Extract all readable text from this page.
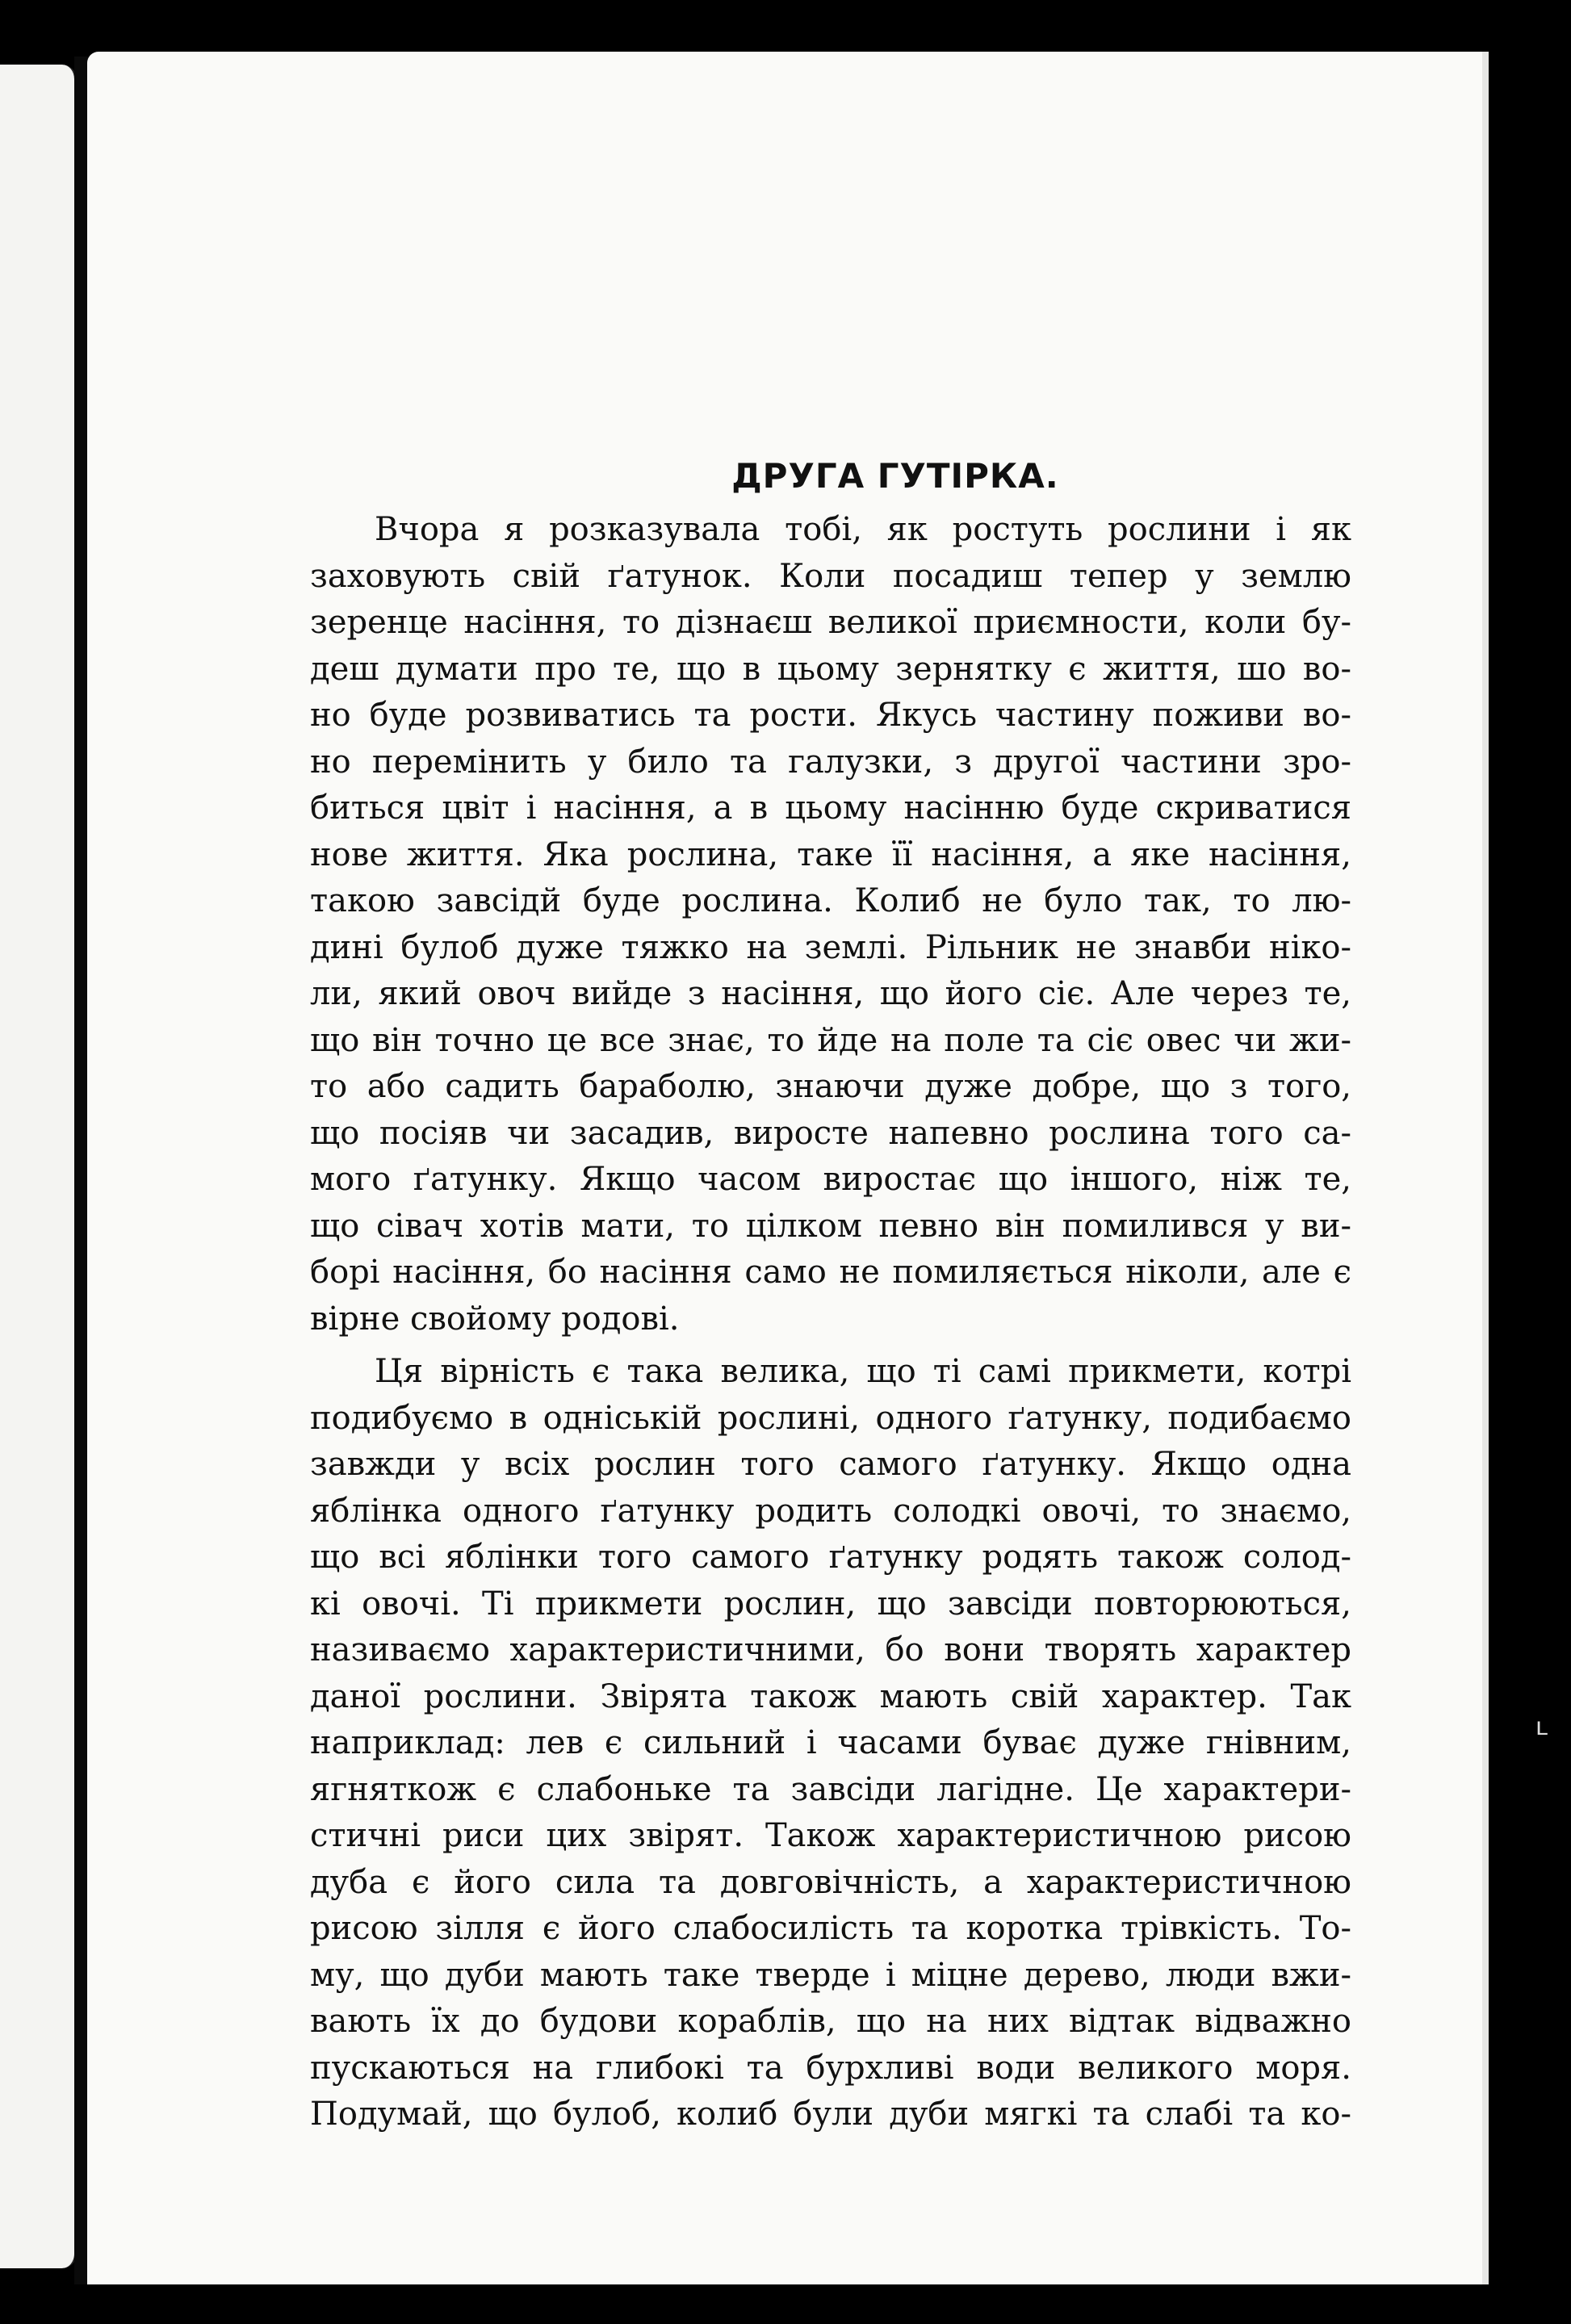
ДРУГА ГУТІРКА.
Вчора я розказувала тобі, як ростуть рослини і як
заховують свій ґатунок. Коли посадиш тепер у землю
зеренце насіння, то дізнаєш великої приємности, коли бу-
деш думати про те, що в цьому зернятку є життя, шо во-
но буде розвиватись та рости. Якусь частину поживи во-
но перемінить у било та галузки, з другої частини зро-
биться цвіт і насіння, а в цьому насінню буде скриватися
нове життя. Яка рослина, таке її насіння, а яке насіння,
такою завсідй буде рослина. Колиб не було так, то лю-
дині булоб дуже тяжко на землі. Рільник не знавби ніко-
ли, який овоч вийде з насіння, що його сіє. Але через те,
що він точно це все знає, то йде на поле та сіє овес чи жи-
то або садить бараболю, знаючи дуже добре, що з того,
що посіяв чи засадив, виросте напевно рослина того са-
мого ґатунку. Якщо часом виростає що іншого, ніж те,
що сівач хотів мати, то цілком певно він помилився у ви-
борі насіння, бо насіння само не помиляється ніколи, але є
вірне свойому родові.
Ця вірність є така велика, що ті самі прикмети, котрі
подибуємо в одніській рослині, одного ґатунку, подибаємо
завжди у всіх рослин того самого ґатунку. Якщо одна
яблінка одного ґатунку родить солодкі овочі, то знаємо,
що всі яблінки того самого ґатунку родять також солод-
кі овочі. Ті прикмети рослин, що завсіди повторюються,
називаємо характеристичними, бо вони творять характер
даної рослини. Звірята також мають свій характер. Так
наприклад: лев є сильний і часами буває дуже гнівним,
ягняткож є слабоньке та завсіди лагідне. Це характери-
стичні риси цих звірят. Також характеристичною рисою
дуба є його сила та довговічність, а характеристичною
рисою зілля є його слабосилість та коротка трівкість. То-
му, що дуби мають таке тверде і міцне дерево, люди вжи-
вають їх до будови кораблів, що на них відтак відважно
пускаються на глибокі та бурхливі води великого моря.
Подумай, що булоб, колиб були дуби мягкі та слабі та ко-
ʟ
